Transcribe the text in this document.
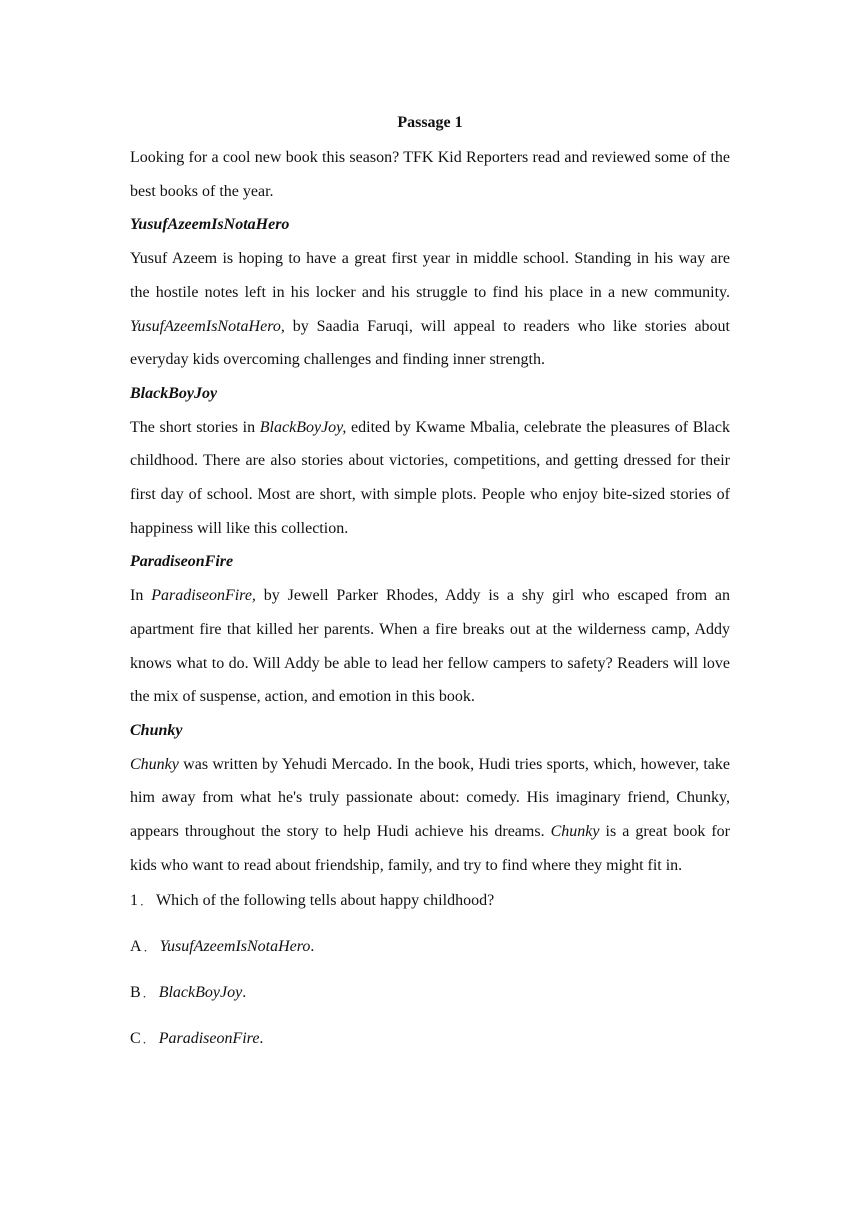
Passage 1

Looking for a cool new book this season? TFK Kid Reporters read and reviewed some of the best books of the year.

YusufAzeemIsNotaHero

Yusuf Azeem is hoping to have a great first year in middle school. Standing in his way are the hostile notes left in his locker and his struggle to find his place in a new community. YusufAzeemIsNotaHero, by Saadia Faruqi, will appeal to readers who like stories about everyday kids overcoming challenges and finding inner strength.

BlackBoyJoy

The short stories in BlackBoyJoy, edited by Kwame Mbalia, celebrate the pleasures of Black childhood. There are also stories about victories, competitions, and getting dressed for their first day of school. Most are short, with simple plots. People who enjoy bite-sized stories of happiness will like this collection.

ParadiseonFire

In ParadiseonFire, by Jewell Parker Rhodes, Addy is a shy girl who escaped from an apartment fire that killed her parents. When a fire breaks out at the wilderness camp, Addy knows what to do. Will Addy be able to lead her fellow campers to safety? Readers will love the mix of suspense, action, and emotion in this book.

Chunky

Chunky was written by Yehudi Mercado. In the book, Hudi tries sports, which, however, take him away from what he's truly passionate about: comedy. His imaginary friend, Chunky, appears throughout the story to help Hudi achieve his dreams. Chunky is a great book for kids who want to read about friendship, family, and try to find where they might fit in.

1 ． Which of the following tells about happy childhood?

A ． YusufAzeemIsNotaHero.

B ． BlackBoyJoy.

C ． ParadiseonFire.
